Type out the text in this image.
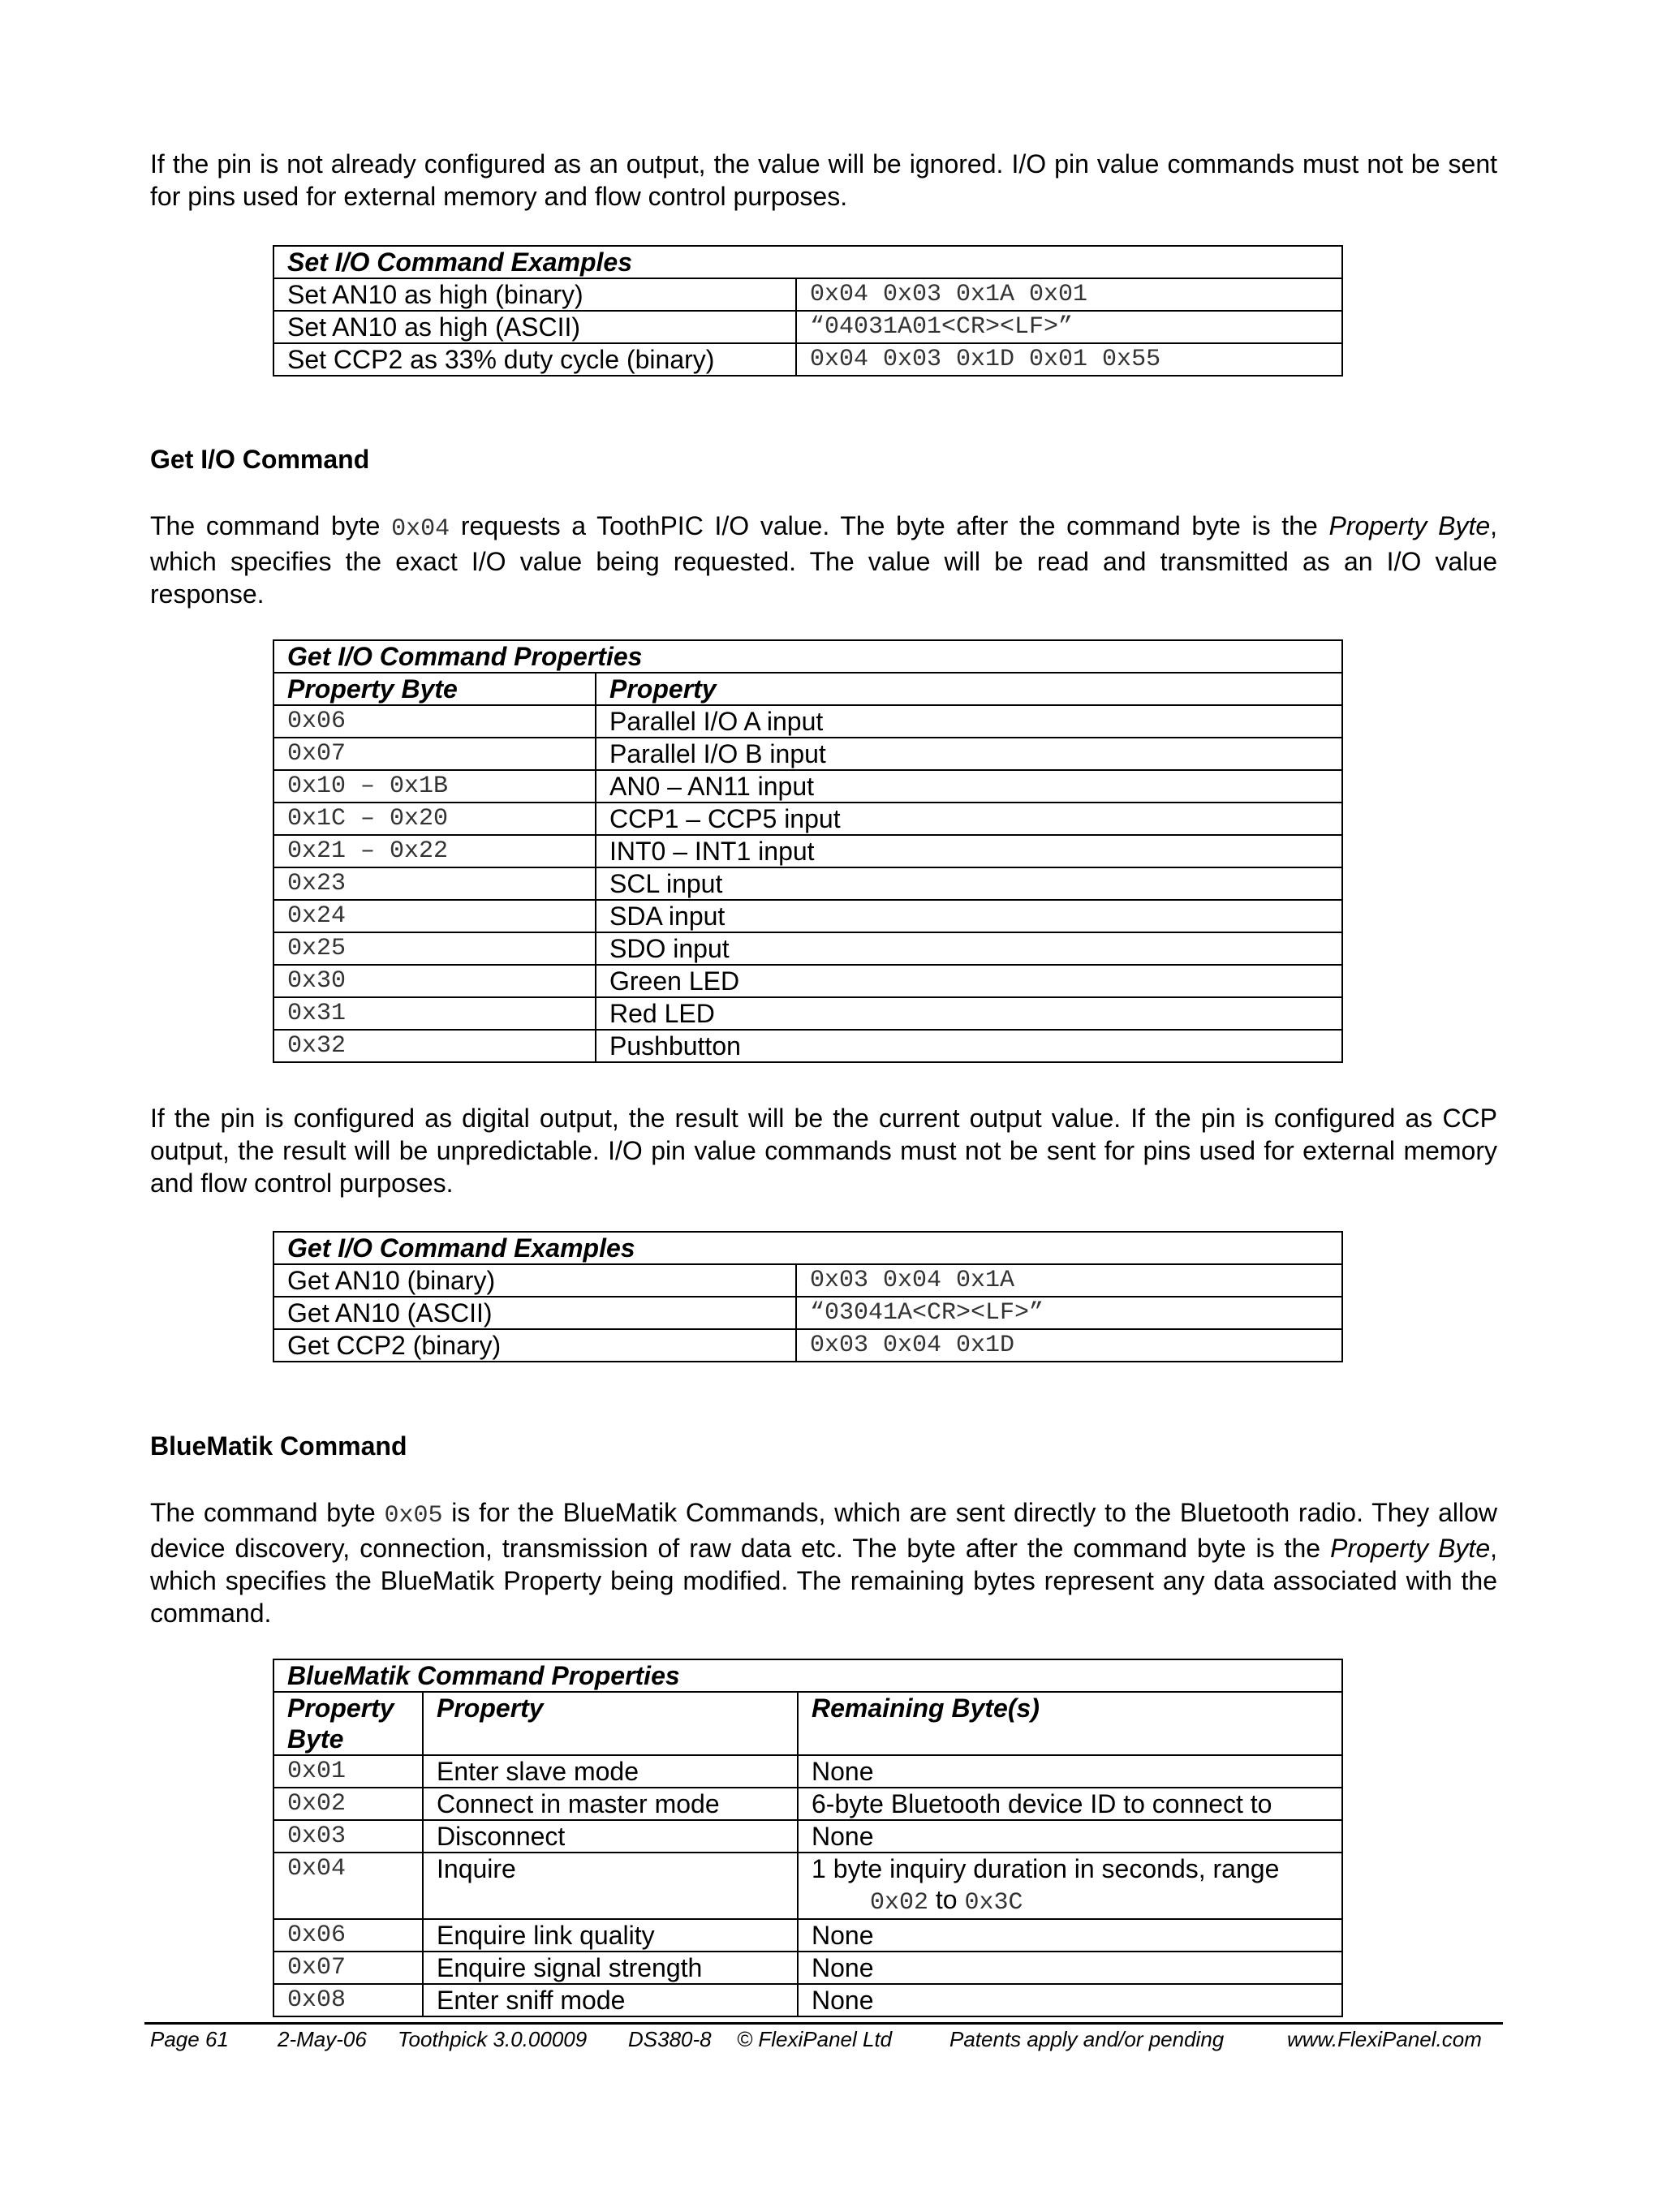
If the pin is not already configured as an output, the value will be ignored. I/O pin value commands must not be sent for pins used for external memory and flow control purposes.

Set I/O Command Examples	
Set AN10 as high (binary)	0x04 0x03 0x1A 0x01
Set AN10 as high (ASCII)	“04031A01<CR><LF>”
Set CCP2 as 33% duty cycle (binary)	0x04 0x03 0x1D 0x01 0x55
Get I/O Command

The command byte 0x04 requests a ToothPIC I/O value. The byte after the command byte is the Property Byte, which specifies the exact I/O value being requested. The value will be read and transmitted as an I/O value response.

Get I/O Command Properties	
Property Byte	Property
0x06	Parallel I/O A input
0x07	Parallel I/O B input
0x10 – 0x1B	AN0 – AN11 input
0x1C – 0x20	CCP1 – CCP5 input
0x21 – 0x22	INT0 – INT1 input
0x23	SCL input
0x24	SDA input
0x25	SDO input
0x30	Green LED
0x31	Red LED
0x32	Pushbutton

If the pin is configured as digital output, the result will be the current output value. If the pin is configured as CCP output, the result will be unpredictable. I/O pin value commands must not be sent for pins used for external memory and flow control purposes.

Get I/O Command Examples	
Get AN10 (binary)	0x03 0x04 0x1A
Get AN10 (ASCII)	“03041A<CR><LF>”
Get CCP2 (binary)	0x03 0x04 0x1D
BlueMatik Command

The command byte 0x05 is for the BlueMatik Commands, which are sent directly to the Bluetooth radio. They allow device discovery, connection, transmission of raw data etc. The byte after the command byte is the Property Byte, which specifies the BlueMatik Property being modified. The remaining bytes represent any data associated with the command.

BlueMatik Command Properties		
Property Byte	Property	Remaining Byte(s)
0x01	Enter slave mode	None
0x02	Connect in master mode	6-byte Bluetooth device ID to connect to
0x03	Disconnect	None
0x04	Inquire	1 byte inquiry duration in seconds, range
0x02 to 0x3C
0x06	Enquire link quality	None
0x07	Enquire signal strength	None
0x08	Enter sniff mode	None
Page 61 2-May-06 Toothpick 3.0.00009 DS380-8 © FlexiPanel Ltd	Patents apply and/or pending	www.FlexiPanel.com
